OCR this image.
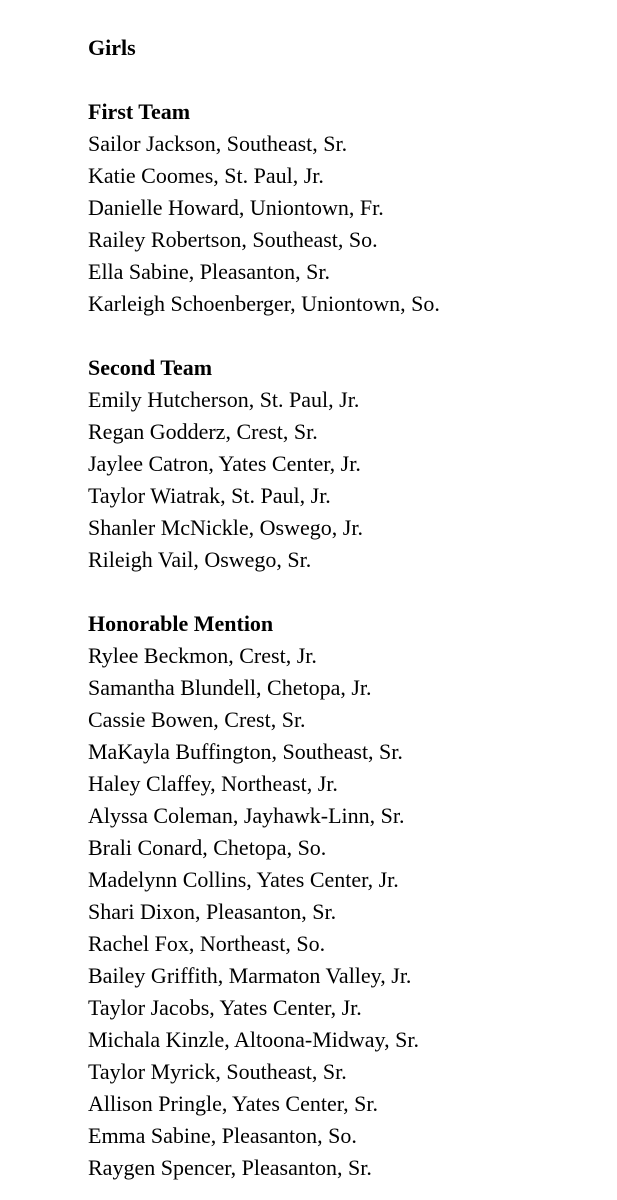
Girls
First Team
Sailor Jackson, Southeast, Sr.
Katie Coomes, St. Paul, Jr.
Danielle Howard, Uniontown, Fr.
Railey Robertson, Southeast, So.
Ella Sabine, Pleasanton, Sr.
Karleigh Schoenberger, Uniontown, So.
Second Team
Emily Hutcherson, St. Paul, Jr.
Regan Godderz, Crest, Sr.
Jaylee Catron, Yates Center, Jr.
Taylor Wiatrak, St. Paul, Jr.
Shanler McNickle, Oswego, Jr.
Rileigh Vail, Oswego, Sr.
Honorable Mention
Rylee Beckmon, Crest, Jr.
Samantha Blundell, Chetopa, Jr.
Cassie Bowen, Crest, Sr.
MaKayla Buffington, Southeast, Sr.
Haley Claffey, Northeast, Jr.
Alyssa Coleman, Jayhawk-Linn, Sr.
Brali Conard, Chetopa, So.
Madelynn Collins, Yates Center, Jr.
Shari Dixon, Pleasanton, Sr.
Rachel Fox, Northeast, So.
Bailey Griffith, Marmaton Valley, Jr.
Taylor Jacobs, Yates Center, Jr.
Michala Kinzle, Altoona-Midway, Sr.
Taylor Myrick, Southeast, Sr.
Allison Pringle, Yates Center, Sr.
Emma Sabine, Pleasanton, So.
Raygen Spencer, Pleasanton, Sr.
